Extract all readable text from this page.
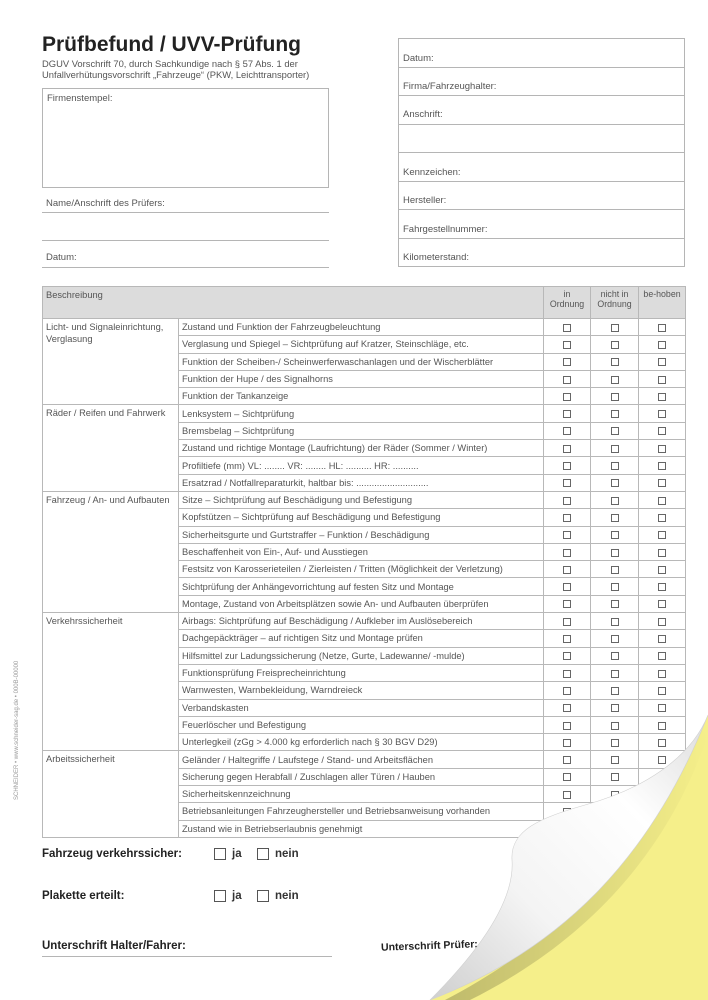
Prüfbefund / UVV-Prüfung
DGUV Vorschrift 70, durch Sachkundige nach § 57 Abs. 1 der Unfallverhütungsvorschrift „Fahrzeuge“ (PKW, Leichttransporter)
Firmenstempel:
Name/Anschrift des Prüfers:
Datum:
Datum:
Firma/Fahrzeughalter:
Anschrift:
Kennzeichen:
Hersteller:
Fahrgestellnummer:
Kilometerstand:
Beschreibung		in Ordnung	nicht in Ordnung	be-hoben
Licht- und Signaleinrichtung, Verglasung	Zustand und Funktion der Fahrzeugbeleuchtung			
	Verglasung und Spiegel – Sichtprüfung auf Kratzer, Steinschläge, etc.			
	Funktion der Scheiben-/ Scheinwerferwaschanlagen und der Wischerblätter			
	Funktion der Hupe / des Signalhorns			
	Funktion der Tankanzeige			
Räder / Reifen und Fahrwerk	Lenksystem – Sichtprüfung			
	Bremsbelag – Sichtprüfung			
	Zustand und richtige Montage (Laufrichtung) der Räder (Sommer / Winter)			
	Profiltiefe (mm) VL: ........ VR: ........ HL: .......... HR: ..........			
	Ersatzrad / Notfallreparaturkit, haltbar bis: ............................			
Fahrzeug / An- und Aufbauten	Sitze – Sichtprüfung auf Beschädigung und Befestigung			
	Kopfstützen – Sichtprüfung auf Beschädigung und Befestigung			
	Sicherheitsgurte und Gurtstraffer – Funktion / Beschädigung			
	Beschaffenheit von Ein-, Auf- und Ausstiegen			
	Festsitz von Karosserieteilen / Zierleisten / Tritten (Möglichkeit der Verletzung)			
	Sichtprüfung der Anhängevorrichtung auf festen Sitz und Montage			
	Montage, Zustand von Arbeitsplätzen sowie An- und Aufbauten überprüfen			
Verkehrssicherheit	Airbags: Sichtprüfung auf Beschädigung / Aufkleber im Auslösebereich			
	Dachgepäckträger – auf richtigen Sitz und Montage prüfen			
	Hilfsmittel zur Ladungssicherung (Netze, Gurte, Ladewanne/ -mulde)			
	Funktionsprüfung Freisprecheinrichtung			
	Warnwesten, Warnbekleidung, Warndreieck			
	Verbandskasten			
	Feuerlöscher und Befestigung			
	Unterlegkeil (zGg > 4.000 kg erforderlich nach § 30 BGV D29)			
Arbeitssicherheit	Geländer / Haltegriffe / Laufstege / Stand- und Arbeitsflächen			
	Sicherung gegen Herabfall / Zuschlagen aller Türen / Hauben			
	Sicherheitskennzeichnung			
	Betriebsanleitungen Fahrzeughersteller und Betriebsanweisung vorhanden			
	Zustand wie in Betriebserlaubnis genehmigt			
Fahrzeug verkehrssicher:	ja	nein
Plakette erteilt:	ja	nein
Unterschrift Halter/Fahrer:	Unterschrift Prüfer:
SCHNEIDER • www.schneider-sag.de • 000B-00000
